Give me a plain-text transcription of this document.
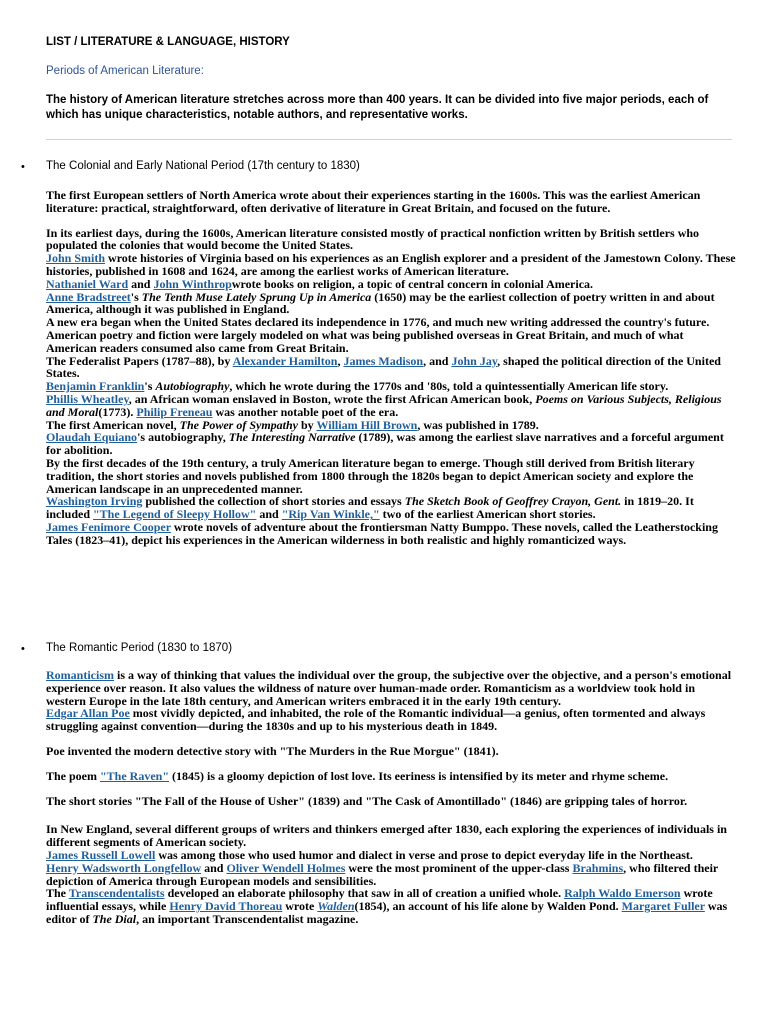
LIST / LITERATURE & LANGUAGE, HISTORY
Periods of American Literature:
The history of American literature stretches across more than 400 years. It can be divided into five major periods, each of which has unique characteristics, notable authors, and representative works.
• The Colonial and Early National Period (17th century to 1830)

The first European settlers of North America wrote about their experiences starting in the 1600s. This was the earliest American literature: practical, straightforward, often derivative of literature in Great Britain, and focused on the future.

In its earliest days, during the 1600s, American literature consisted mostly of practical nonfiction written by British settlers who populated the colonies that would become the United States.

John Smith wrote histories of Virginia based on his experiences as an English explorer and a president of the Jamestown Colony. These histories, published in 1608 and 1624, are among the earliest works of American literature.

Nathaniel Ward and John Winthropwrote books on religion, a topic of central concern in colonial America.

Anne Bradstreet's The Tenth Muse Lately Sprung Up in America (1650) may be the earliest collection of poetry written in and about America, although it was published in England.

A new era began when the United States declared its independence in 1776, and much new writing addressed the country's future. American poetry and fiction were largely modeled on what was being published overseas in Great Britain, and much of what American readers consumed also came from Great Britain.

The Federalist Papers (1787–88), by Alexander Hamilton, James Madison, and John Jay, shaped the political direction of the United States.

Benjamin Franklin's Autobiography, which he wrote during the 1770s and '80s, told a quintessentially American life story.

Phillis Wheatley, an African woman enslaved in Boston, wrote the first African American book, Poems on Various Subjects, Religious and Moral(1773). Philip Freneau was another notable poet of the era.

The first American novel, The Power of Sympathy by William Hill Brown, was published in 1789.

Olaudah Equiano's autobiography, The Interesting Narrative (1789), was among the earliest slave narratives and a forceful argument for abolition.

By the first decades of the 19th century, a truly American literature began to emerge. Though still derived from British literary tradition, the short stories and novels published from 1800 through the 1820s began to depict American society and explore the American landscape in an unprecedented manner.

Washington Irving published the collection of short stories and essays The Sketch Book of Geoffrey Crayon, Gent. in 1819–20. It included "The Legend of Sleepy Hollow" and "Rip Van Winkle," two of the earliest American short stories.

James Fenimore Cooper wrote novels of adventure about the frontiersman Natty Bumppo. These novels, called the Leatherstocking Tales (1823–41), depict his experiences in the American wilderness in both realistic and highly romanticized ways.

• The Romantic Period (1830 to 1870)

Romanticism is a way of thinking that values the individual over the group, the subjective over the objective, and a person's emotional experience over reason. It also values the wildness of nature over human-made order. Romanticism as a worldview took hold in western Europe in the late 18th century, and American writers embraced it in the early 19th century.

Edgar Allan Poe most vividly depicted, and inhabited, the role of the Romantic individual—a genius, often tormented and always struggling against convention—during the 1830s and up to his mysterious death in 1849.

Poe invented the modern detective story with "The Murders in the Rue Morgue" (1841).

The poem "The Raven" (1845) is a gloomy depiction of lost love. Its eeriness is intensified by its meter and rhyme scheme.

The short stories "The Fall of the House of Usher" (1839) and "The Cask of Amontillado" (1846) are gripping tales of horror.

In New England, several different groups of writers and thinkers emerged after 1830, each exploring the experiences of individuals in different segments of American society.

James Russell Lowell was among those who used humor and dialect in verse and prose to depict everyday life in the Northeast.

Henry Wadsworth Longfellow and Oliver Wendell Holmes were the most prominent of the upper-class Brahmins, who filtered their depiction of America through European models and sensibilities.

The Transcendentalists developed an elaborate philosophy that saw in all of creation a unified whole. Ralph Waldo Emerson wrote influential essays, while Henry David Thoreau wrote Walden(1854), an account of his life alone by Walden Pond. Margaret Fuller was editor of The Dial, an important Transcendentalist magazine.
